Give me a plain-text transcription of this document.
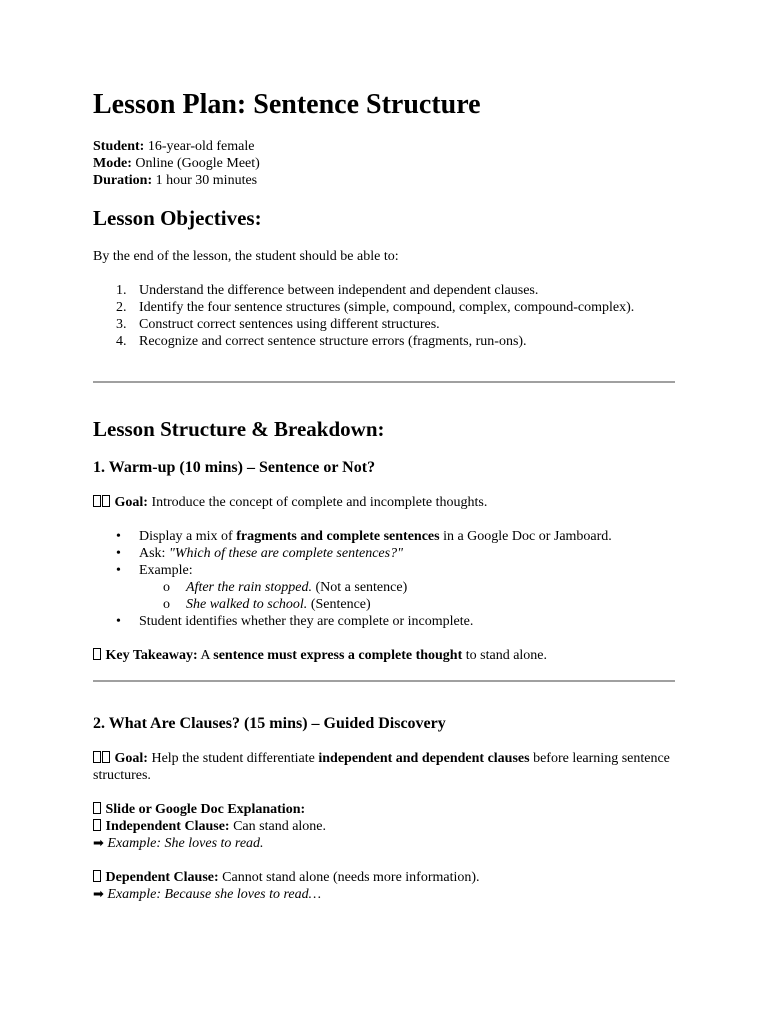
Lesson Plan: Sentence Structure
Student: 16-year-old female
Mode: Online (Google Meet)
Duration: 1 hour 30 minutes
Lesson Objectives:
By the end of the lesson, the student should be able to:
1. Understand the difference between independent and dependent clauses.
2. Identify the four sentence structures (simple, compound, complex, compound-complex).
3. Construct correct sentences using different structures.
4. Recognize and correct sentence structure errors (fragments, run-ons).
Lesson Structure & Breakdown:
1. Warm-up (10 mins) – Sentence or Not?
Goal: Introduce the concept of complete and incomplete thoughts.
• Display a mix of fragments and complete sentences in a Google Doc or Jamboard.
• Ask: "Which of these are complete sentences?"
• Example:
o After the rain stopped. (Not a sentence)
o She walked to school. (Sentence)
• Student identifies whether they are complete or incomplete.
Key Takeaway: A sentence must express a complete thought to stand alone.
2. What Are Clauses? (15 mins) – Guided Discovery
Goal: Help the student differentiate independent and dependent clauses before learning sentence structures.
Slide or Google Doc Explanation:
Independent Clause: Can stand alone.
➡ Example: She loves to read.
Dependent Clause: Cannot stand alone (needs more information).
➡ Example: Because she loves to read…
